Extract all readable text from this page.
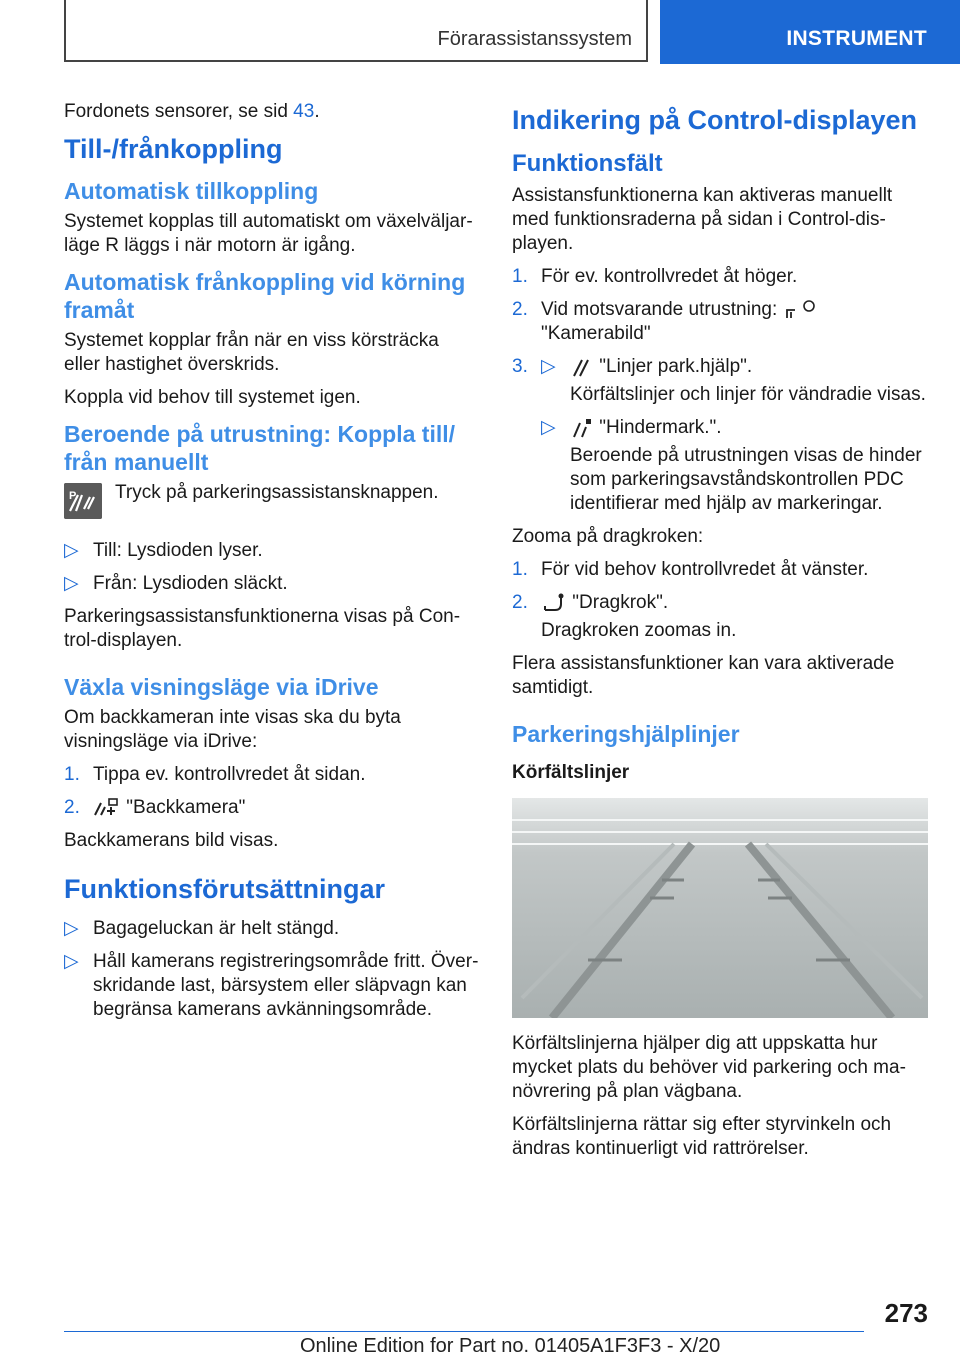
Förarassistanssystem	INSTRUMENT

Fordonets sensorer, se sid 43.

Till-/frånkoppling
Automatisk tillkoppling

Systemet kopplas till automatiskt om växelväljarläge R läggs i när motorn är igång.

Automatisk frånkoppling vid körning framåt

Systemet kopplar från när en viss körsträcka eller hastighet överskrids.

Koppla vid behov till systemet igen.

Beroende på utrustning: Koppla till/ från manuellt
P Tryck på parkeringsassistansknappen.
▷ Till: Lysdioden lyser.
▷ Från: Lysdioden släckt.

Parkeringsassistansfunktionerna visas på Control-displayen.

Växla visningsläge via iDrive

Om backkameran inte visas ska du byta visningsläge via iDrive:

1. Tippa ev. kontrollvredet åt sidan.
2. "Backkamera"

Backkamerans bild visas.

Funktionsförutsättningar
▷ Bagageluckan är helt stängd.
▷ Håll kamerans registreringsområde fritt. Överskridande last, bärsystem eller släpvagn kan begränsa kamerans avkänningsområde.
Indikering på Control-displayen
Funktionsfält

Assistansfunktionerna kan aktiveras manuellt med funktionsraderna på sidan i Control-displayen.

1. För ev. kontrollvredet åt höger.
2. Vid motsvarande utrustning:
"Kamerabild"
3. ▷ "Linjer park.hjälp".
Körfältslinjer och linjer för vändradie visas.
▷ "Hindermark.".
Beroende på utrustningen visas de hinder som parkeringsavståndskontrollen PDC identifierar med hjälp av markeringar.

Zooma på dragkroken:

1. För vid behov kontrollvredet åt vänster.
2. "Dragkrok".
Dragkroken zoomas in.

Flera assistansfunktioner kan vara aktiverade samtidigt.

Parkeringshjälplinjer
Körfältslinjer

Körfältslinjerna hjälper dig att uppskatta hur mycket plats du behöver vid parkering och manövrering på plan vägbana.

Körfältslinjerna rättar sig efter styrvinkeln och ändras kontinuerligt vid rattrörelser.

273
Online Edition for Part no. 01405A1F3F3 - X/20
